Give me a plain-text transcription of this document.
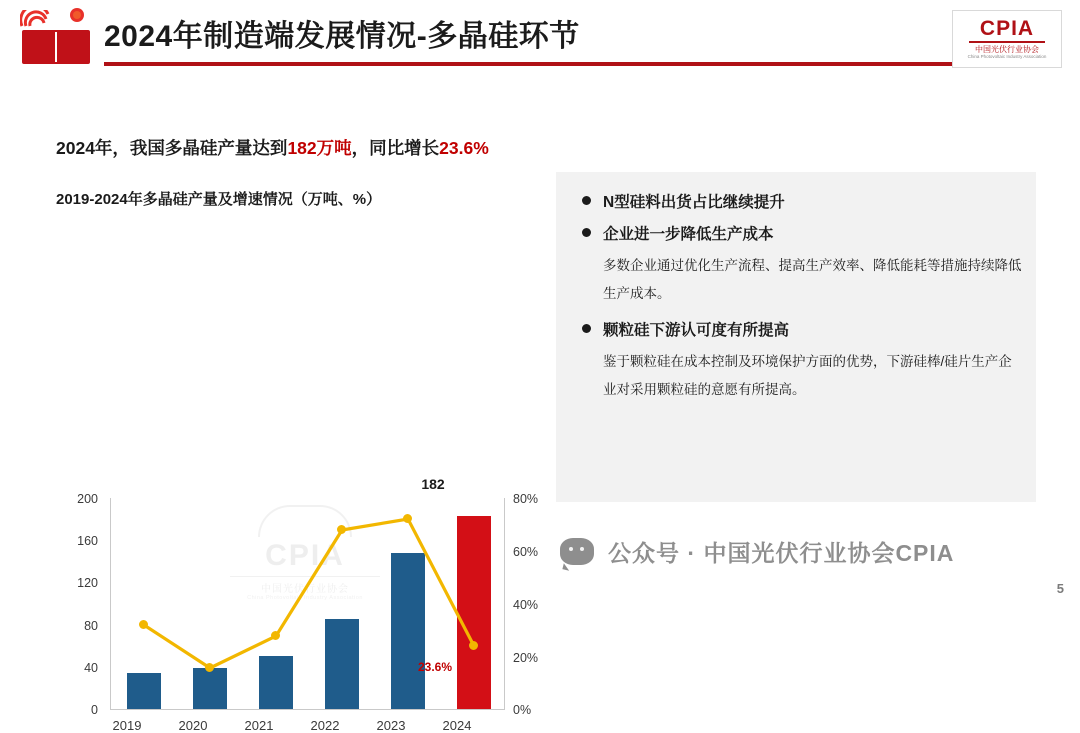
2024年制造端发展情况-多晶硅环节	CPIA
中国光伏行业协会
China Photovoltaic Industry Association
2024年，我国多晶硅产量达到182万吨，同比增长23.6%
2019-2024年多晶硅产量及增速情况（万吨、%）
CPIA
中国光伏行业协会
China Photovoltaic Industry Association
200
160
120
80
40
0
80%
60%
40%
20%
0%
182
23.6%
2019	2020	2021	2022	2023	2024
N型硅料出货占比继续提升
企业进一步降低生产成本
多数企业通过优化生产流程、提高生产效率、降低能耗等措施持续降低生产成本。
颗粒硅下游认可度有所提高
鉴于颗粒硅在成本控制及环境保护方面的优势，下游硅棒/硅片生产企业对采用颗粒硅的意愿有所提高。
公众号 · 中国光伏行业协会CPIA
5
